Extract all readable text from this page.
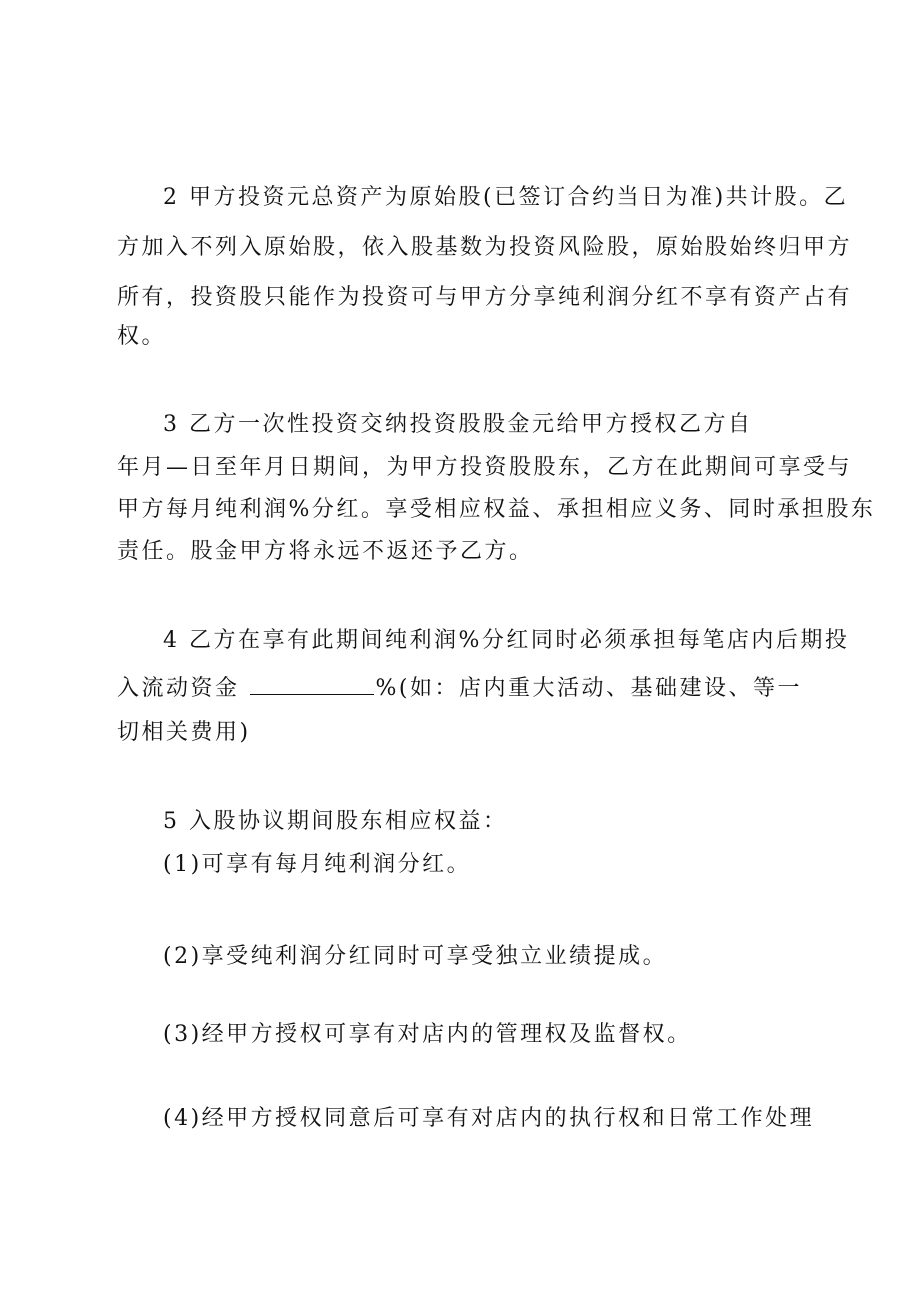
2 甲方投资元总资产为原始股(已签订合约当日为准)共计股。乙
方加入不列入原始股，依入股基数为投资风险股，原始股始终归甲方
所有，投资股只能作为投资可与甲方分享纯利润分红不享有资产占有
权。
3 乙方一次性投资交纳投资股股金元给甲方授权乙方自
年月—日至年月日期间，为甲方投资股股东，乙方在此期间可享受与
甲方每月纯利润%分红。享受相应权益、承担相应义务、同时承担股东
责任。股金甲方将永远不返还予乙方。
4 乙方在享有此期间纯利润%分红同时必须承担每笔店内后期投
入流动资金	%(如：店内重大活动、基础建设、等一
切相关费用)
5 入股协议期间股东相应权益：
(1)可享有每月纯利润分红。
(2)享受纯利润分红同时可享受独立业绩提成。
(3)经甲方授权可享有对店内的管理权及监督权。
(4)经甲方授权同意后可享有对店内的执行权和日常工作处理
